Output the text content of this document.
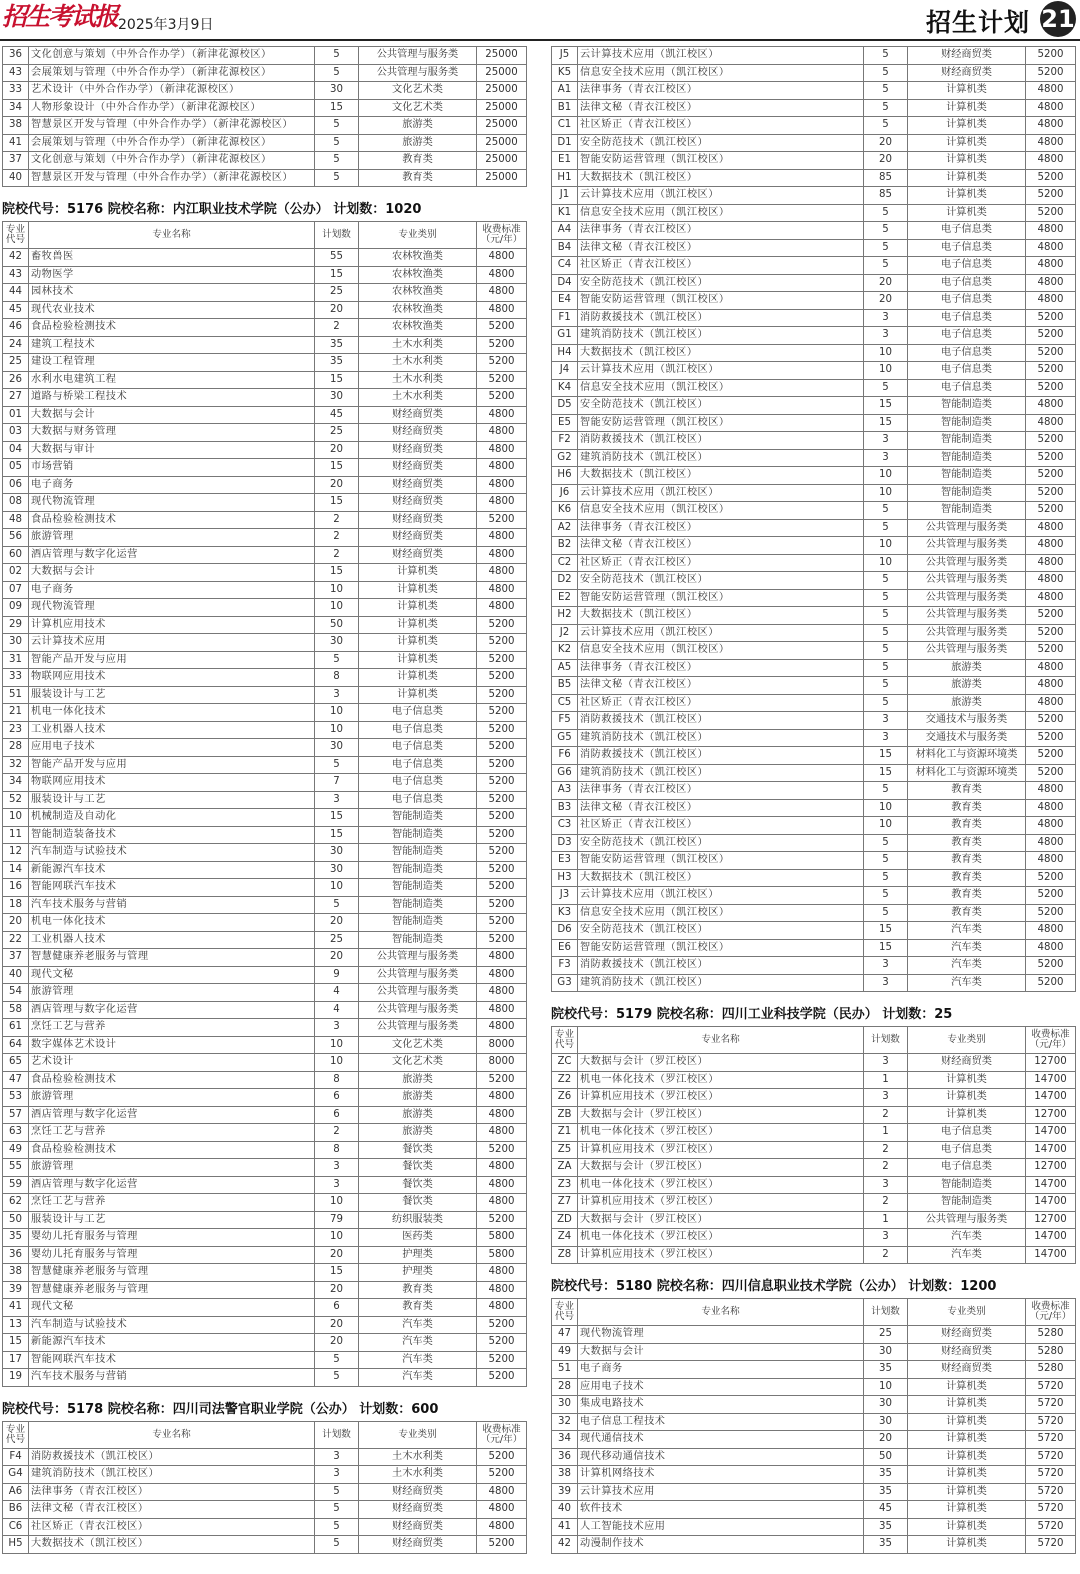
招生考试报 2025年3月9日	招生计划 21
36	文化创意与策划（中外合作办学）（新津花源校区）	5	公共管理与服务类	25000
43	会展策划与管理（中外合作办学）（新津花源校区）	5	公共管理与服务类	25000
33	艺术设计（中外合作办学）（新津花源校区）	30	文化艺术类	25000
34	人物形象设计（中外合作办学）（新津花源校区）	15	文化艺术类	25000
38	智慧景区开发与管理（中外合作办学）（新津花源校区）	5	旅游类	25000
41	会展策划与管理（中外合作办学）（新津花源校区）	5	旅游类	25000
37	文化创意与策划（中外合作办学）（新津花源校区）	5	教育类	25000
40	智慧景区开发与管理（中外合作办学）（新津花源校区）	5	教育类	25000
院校代号：5176 院校名称：内江职业技术学院（公办） 计划数：1020
专业代号	专业名称	计划数	专业类别	收费标准（元/年）
42	畜牧兽医	55	农林牧渔类	4800
43	动物医学	15	农林牧渔类	4800
44	园林技术	25	农林牧渔类	4800
45	现代农业技术	20	农林牧渔类	4800
46	食品检验检测技术	2	农林牧渔类	5200
24	建筑工程技术	35	土木水利类	5200
25	建设工程管理	35	土木水利类	5200
26	水利水电建筑工程	15	土木水利类	5200
27	道路与桥梁工程技术	30	土木水利类	5200
01	大数据与会计	45	财经商贸类	4800
03	大数据与财务管理	25	财经商贸类	4800
04	大数据与审计	20	财经商贸类	4800
05	市场营销	15	财经商贸类	4800
06	电子商务	20	财经商贸类	4800
08	现代物流管理	15	财经商贸类	4800
48	食品检验检测技术	2	财经商贸类	5200
56	旅游管理	2	财经商贸类	4800
60	酒店管理与数字化运营	2	财经商贸类	4800
02	大数据与会计	15	计算机类	4800
07	电子商务	10	计算机类	4800
09	现代物流管理	10	计算机类	4800
29	计算机应用技术	50	计算机类	5200
30	云计算技术应用	30	计算机类	5200
31	智能产品开发与应用	5	计算机类	5200
33	物联网应用技术	8	计算机类	5200
51	服装设计与工艺	3	计算机类	5200
21	机电一体化技术	10	电子信息类	5200
23	工业机器人技术	10	电子信息类	5200
28	应用电子技术	30	电子信息类	5200
32	智能产品开发与应用	5	电子信息类	5200
34	物联网应用技术	7	电子信息类	5200
52	服装设计与工艺	3	电子信息类	5200
10	机械制造及自动化	15	智能制造类	5200
11	智能制造装备技术	15	智能制造类	5200
12	汽车制造与试验技术	30	智能制造类	5200
14	新能源汽车技术	30	智能制造类	5200
16	智能网联汽车技术	10	智能制造类	5200
18	汽车技术服务与营销	5	智能制造类	5200
20	机电一体化技术	20	智能制造类	5200
22	工业机器人技术	25	智能制造类	5200
37	智慧健康养老服务与管理	20	公共管理与服务类	4800
40	现代文秘	9	公共管理与服务类	4800
54	旅游管理	4	公共管理与服务类	4800
58	酒店管理与数字化运营	4	公共管理与服务类	4800
61	烹饪工艺与营养	3	公共管理与服务类	4800
64	数字媒体艺术设计	10	文化艺术类	8000
65	艺术设计	10	文化艺术类	8000
47	食品检验检测技术	8	旅游类	5200
53	旅游管理	6	旅游类	4800
57	酒店管理与数字化运营	6	旅游类	4800
63	烹饪工艺与营养	2	旅游类	4800
49	食品检验检测技术	8	餐饮类	5200
55	旅游管理	3	餐饮类	4800
59	酒店管理与数字化运营	3	餐饮类	4800
62	烹饪工艺与营养	10	餐饮类	4800
50	服装设计与工艺	79	纺织服装类	5200
35	婴幼儿托育服务与管理	10	医药类	5800
36	婴幼儿托育服务与管理	20	护理类	5800
38	智慧健康养老服务与管理	15	护理类	4800
39	智慧健康养老服务与管理	20	教育类	4800
41	现代文秘	6	教育类	4800
13	汽车制造与试验技术	20	汽车类	5200
15	新能源汽车技术	20	汽车类	5200
17	智能网联汽车技术	5	汽车类	5200
19	汽车技术服务与营销	5	汽车类	5200
院校代号：5178 院校名称：四川司法警官职业学院（公办） 计划数：600
专业代号	专业名称	计划数	专业类别	收费标准（元/年）
F4	消防救援技术（凯江校区）	3	土木水利类	5200
G4	建筑消防技术（凯江校区）	3	土木水利类	5200
A6	法律事务（青衣江校区）	5	财经商贸类	4800
B6	法律文秘（青衣江校区）	5	财经商贸类	4800
C6	社区矫正（青衣江校区）	5	财经商贸类	4800
H5	大数据技术（凯江校区）	5	财经商贸类	5200
J5	云计算技术应用（凯江校区）	5	财经商贸类	5200
K5	信息安全技术应用（凯江校区）	5	财经商贸类	5200
A1	法律事务（青衣江校区）	5	计算机类	4800
B1	法律文秘（青衣江校区）	5	计算机类	4800
C1	社区矫正（青衣江校区）	5	计算机类	4800
D1	安全防范技术（凯江校区）	20	计算机类	4800
E1	智能安防运营管理（凯江校区）	20	计算机类	4800
H1	大数据技术（凯江校区）	85	计算机类	5200
J1	云计算技术应用（凯江校区）	85	计算机类	5200
K1	信息安全技术应用（凯江校区）	5	计算机类	5200
A4	法律事务（青衣江校区）	5	电子信息类	4800
B4	法律文秘（青衣江校区）	5	电子信息类	4800
C4	社区矫正（青衣江校区）	5	电子信息类	4800
D4	安全防范技术（凯江校区）	20	电子信息类	4800
E4	智能安防运营管理（凯江校区）	20	电子信息类	4800
F1	消防救援技术（凯江校区）	3	电子信息类	5200
G1	建筑消防技术（凯江校区）	3	电子信息类	5200
H4	大数据技术（凯江校区）	10	电子信息类	5200
J4	云计算技术应用（凯江校区）	10	电子信息类	5200
K4	信息安全技术应用（凯江校区）	5	电子信息类	5200
D5	安全防范技术（凯江校区）	15	智能制造类	4800
E5	智能安防运营管理（凯江校区）	15	智能制造类	4800
F2	消防救援技术（凯江校区）	3	智能制造类	5200
G2	建筑消防技术（凯江校区）	3	智能制造类	5200
H6	大数据技术（凯江校区）	10	智能制造类	5200
J6	云计算技术应用（凯江校区）	10	智能制造类	5200
K6	信息安全技术应用（凯江校区）	5	智能制造类	5200
A2	法律事务（青衣江校区）	5	公共管理与服务类	4800
B2	法律文秘（青衣江校区）	10	公共管理与服务类	4800
C2	社区矫正（青衣江校区）	10	公共管理与服务类	4800
D2	安全防范技术（凯江校区）	5	公共管理与服务类	4800
E2	智能安防运营管理（凯江校区）	5	公共管理与服务类	4800
H2	大数据技术（凯江校区）	5	公共管理与服务类	5200
J2	云计算技术应用（凯江校区）	5	公共管理与服务类	5200
K2	信息安全技术应用（凯江校区）	5	公共管理与服务类	5200
A5	法律事务（青衣江校区）	5	旅游类	4800
B5	法律文秘（青衣江校区）	5	旅游类	4800
C5	社区矫正（青衣江校区）	5	旅游类	4800
F5	消防救援技术（凯江校区）	3	交通技术与服务类	5200
G5	建筑消防技术（凯江校区）	3	交通技术与服务类	5200
F6	消防救援技术（凯江校区）	15	材料化工与资源环境类	5200
G6	建筑消防技术（凯江校区）	15	材料化工与资源环境类	5200
A3	法律事务（青衣江校区）	5	教育类	4800
B3	法律文秘（青衣江校区）	10	教育类	4800
C3	社区矫正（青衣江校区）	10	教育类	4800
D3	安全防范技术（凯江校区）	5	教育类	4800
E3	智能安防运营管理（凯江校区）	5	教育类	4800
H3	大数据技术（凯江校区）	5	教育类	5200
J3	云计算技术应用（凯江校区）	5	教育类	5200
K3	信息安全技术应用（凯江校区）	5	教育类	5200
D6	安全防范技术（凯江校区）	15	汽车类	4800
E6	智能安防运营管理（凯江校区）	15	汽车类	4800
F3	消防救援技术（凯江校区）	3	汽车类	5200
G3	建筑消防技术（凯江校区）	3	汽车类	5200
院校代号：5179 院校名称：四川工业科技学院（民办） 计划数：25
专业代号	专业名称	计划数	专业类别	收费标准（元/年）
ZC	大数据与会计（罗江校区）	3	财经商贸类	12700
Z2	机电一体化技术（罗江校区）	1	计算机类	14700
Z6	计算机应用技术（罗江校区）	3	计算机类	14700
ZB	大数据与会计（罗江校区）	2	计算机类	12700
Z1	机电一体化技术（罗江校区）	1	电子信息类	14700
Z5	计算机应用技术（罗江校区）	2	电子信息类	14700
ZA	大数据与会计（罗江校区）	2	电子信息类	12700
Z3	机电一体化技术（罗江校区）	3	智能制造类	14700
Z7	计算机应用技术（罗江校区）	2	智能制造类	14700
ZD	大数据与会计（罗江校区）	1	公共管理与服务类	12700
Z4	机电一体化技术（罗江校区）	3	汽车类	14700
Z8	计算机应用技术（罗江校区）	2	汽车类	14700
院校代号：5180 院校名称：四川信息职业技术学院（公办） 计划数：1200
专业代号	专业名称	计划数	专业类别	收费标准（元/年）
47	现代物流管理	25	财经商贸类	5280
49	大数据与会计	30	财经商贸类	5280
51	电子商务	35	财经商贸类	5280
28	应用电子技术	10	计算机类	5720
30	集成电路技术	30	计算机类	5720
32	电子信息工程技术	30	计算机类	5720
34	现代通信技术	20	计算机类	5720
36	现代移动通信技术	50	计算机类	5720
38	计算机网络技术	35	计算机类	5720
39	云计算技术应用	35	计算机类	5720
40	软件技术	45	计算机类	5720
41	人工智能技术应用	35	计算机类	5720
42	动漫制作技术	35	计算机类	5720
